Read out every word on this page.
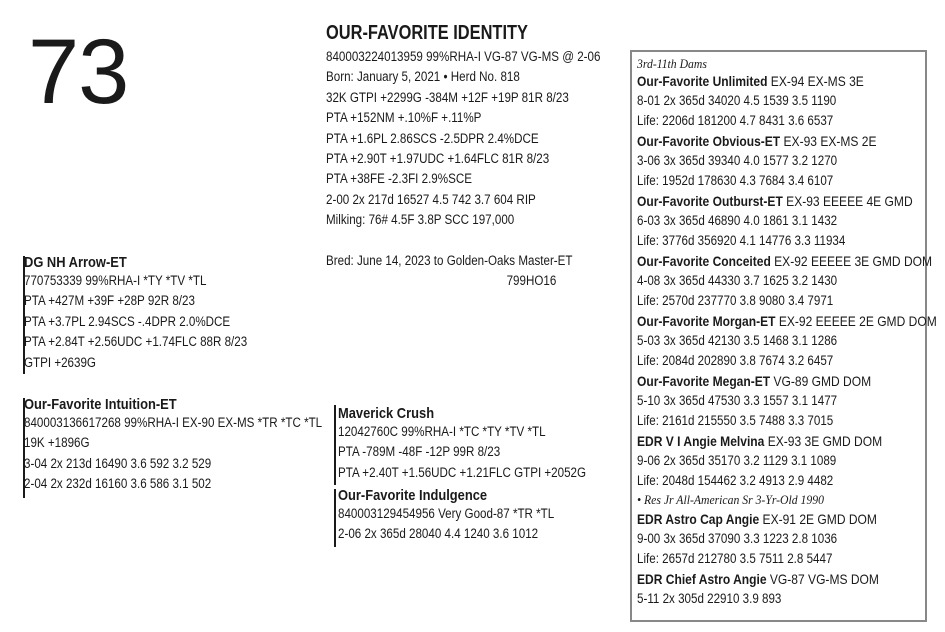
73	OUR-FAVORITE IDENTITY
840003224013959 99%RHA-I VG-87 VG-MS @ 2-06
Born: January 5, 2021 • Herd No. 818
32K GTPI +2299G -384M +12F +19P 81R 8/23
PTA +152NM +.10%F +.11%P
PTA +1.6PL 2.86SCS -2.5DPR 2.4%DCE
PTA +2.90T +1.97UDC +1.64FLC 81R 8/23
PTA +38FE -2.3FI 2.9%SCE
2-00 2x 217d 16527 4.5 742 3.7 604 RIP
Milking: 76# 4.5F 3.8P SCC 197,000
Bred: June 14, 2023 to Golden-Oaks Master-ET
799HO16
DG NH Arrow-ET
770753339 99%RHA-I *TY *TV *TL
PTA +427M +39F +28P 92R 8/23
PTA +3.7PL 2.94SCS -.4DPR 2.0%DCE
PTA +2.84T +2.56UDC +1.74FLC 88R 8/23
GTPI +2639G
Our-Favorite Intuition-ET
840003136617268 99%RHA-I EX-90 EX-MS *TR *TC *TL
19K +1896G
3-04 2x 213d 16490 3.6 592 3.2 529
2-04 2x 232d 16160 3.6 586 3.1 502
Maverick Crush
12042760C 99%RHA-I *TC *TY *TV *TL
PTA -789M -48F -12P 99R 8/23
PTA +2.40T +1.56UDC +1.21FLC GTPI +2052G
Our-Favorite Indulgence
840003129454956 Very Good-87 *TR *TL
2-06 2x 365d 28040 4.4 1240 3.6 1012
3rd-11th Dams
Our-Favorite Unlimited EX-94 EX-MS 3E
8-01 2x 365d 34020 4.5 1539 3.5 1190
Life: 2206d 181200 4.7 8431 3.6 6537
Our-Favorite Obvious-ET EX-93 EX-MS 2E
3-06 3x 365d 39340 4.0 1577 3.2 1270
Life: 1952d 178630 4.3 7684 3.4 6107
Our-Favorite Outburst-ET EX-93 EEEEE 4E GMD
6-03 3x 365d 46890 4.0 1861 3.1 1432
Life: 3776d 356920 4.1 14776 3.3 11934
Our-Favorite Conceited EX-92 EEEEE 3E GMD DOM
4-08 3x 365d 44330 3.7 1625 3.2 1430
Life: 2570d 237770 3.8 9080 3.4 7971
Our-Favorite Morgan-ET EX-92 EEEEE 2E GMD DOM
5-03 3x 365d 42130 3.5 1468 3.1 1286
Life: 2084d 202890 3.8 7674 3.2 6457
Our-Favorite Megan-ET VG-89 GMD DOM
5-10 3x 365d 47530 3.3 1557 3.1 1477
Life: 2161d 215550 3.5 7488 3.3 7015
EDR V I Angie Melvina EX-93 3E GMD DOM
9-06 2x 365d 35170 3.2 1129 3.1 1089
Life: 2048d 154462 3.2 4913 2.9 4482
• Res Jr All-American Sr 3-Yr-Old 1990
EDR Astro Cap Angie EX-91 2E GMD DOM
9-00 3x 365d 37090 3.3 1223 2.8 1036
Life: 2657d 212780 3.5 7511 2.8 5447
EDR Chief Astro Angie VG-87 VG-MS DOM
5-11 2x 305d 22910 3.9 893
